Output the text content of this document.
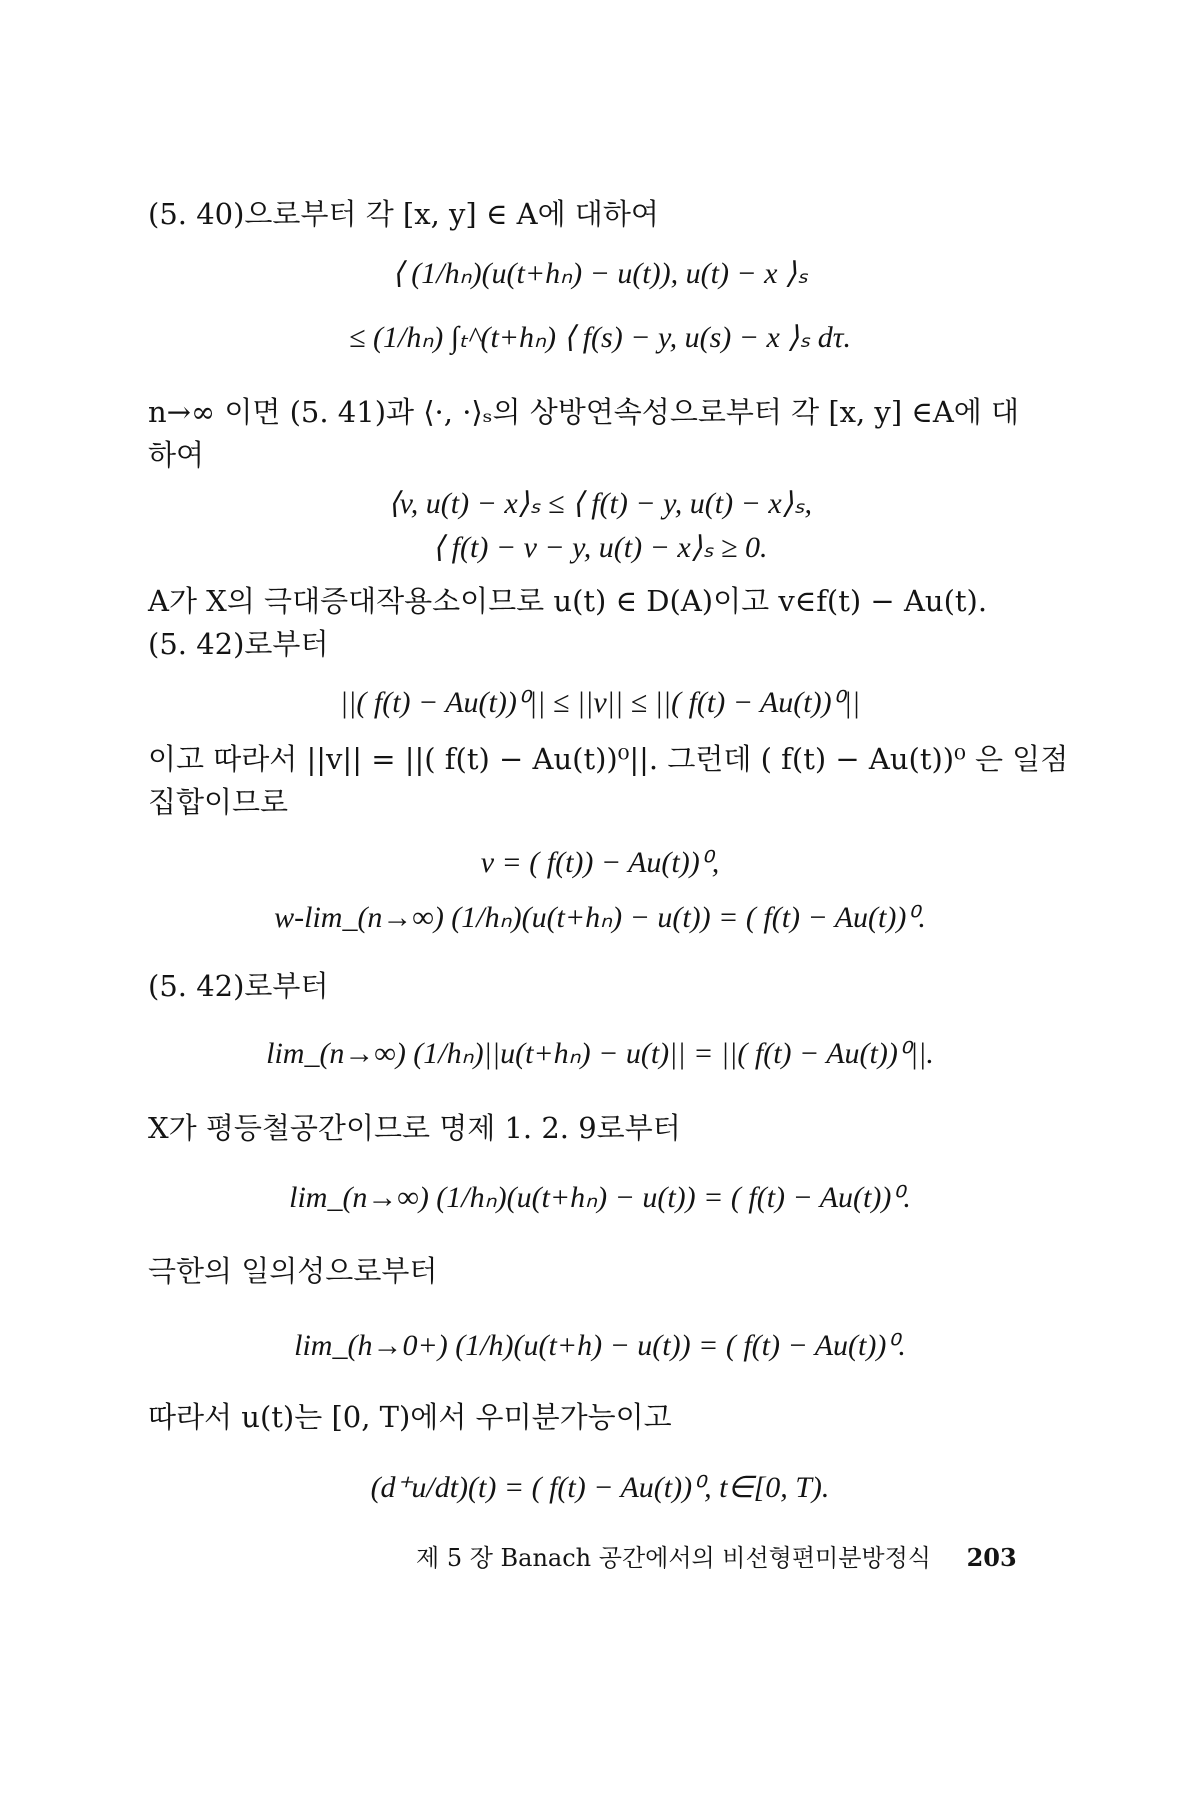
(5. 40)으로부터 각 [x, y] ∈ A에 대하여
⟨ (1/hₙ)(u(t+hₙ) − u(t)), u(t) − x ⟩ₛ
≤ (1/hₙ) ∫ₜ^(t+hₙ) ⟨ f(s) − y, u(s) − x ⟩ₛ dτ.
n→∞ 이면 (5. 41)과 ⟨·, ·⟩ₛ의 상방연속성으로부터 각 [x, y] ∈A에 대
하여
⟨v, u(t) − x⟩ₛ ≤ ⟨ f(t) − y, u(t) − x⟩ₛ,
⟨ f(t) − v − y, u(t) − x⟩ₛ ≥ 0.
A가 X의 극대증대작용소이므로 u(t) ∈ D(A)이고 v∈f(t) − Au(t).
(5. 42)로부터
||( f(t) − Au(t))⁰|| ≤ ||v|| ≤ ||( f(t) − Au(t))⁰||
이고 따라서 ||v|| = ||( f(t) − Au(t))⁰||. 그런데 ( f(t) − Au(t))⁰ 은 일점
집합이므로
v = ( f(t)) − Au(t))⁰,
w-lim_(n→∞) (1/hₙ)(u(t+hₙ) − u(t)) = ( f(t) − Au(t))⁰.
(5. 42)로부터
lim_(n→∞) (1/hₙ)||u(t+hₙ) − u(t)|| = ||( f(t) − Au(t))⁰||.
X가 평등철공간이므로 명제 1. 2. 9로부터
lim_(n→∞) (1/hₙ)(u(t+hₙ) − u(t)) = ( f(t) − Au(t))⁰.
극한의 일의성으로부터
lim_(h→0+) (1/h)(u(t+h) − u(t)) = ( f(t) − Au(t))⁰.
따라서 u(t)는 [0, T)에서 우미분가능이고
(d⁺u/dt)(t) = ( f(t) − Au(t))⁰, t∈[0, T).
제 5 장 Banach 공간에서의 비선형편미분방정식 203
